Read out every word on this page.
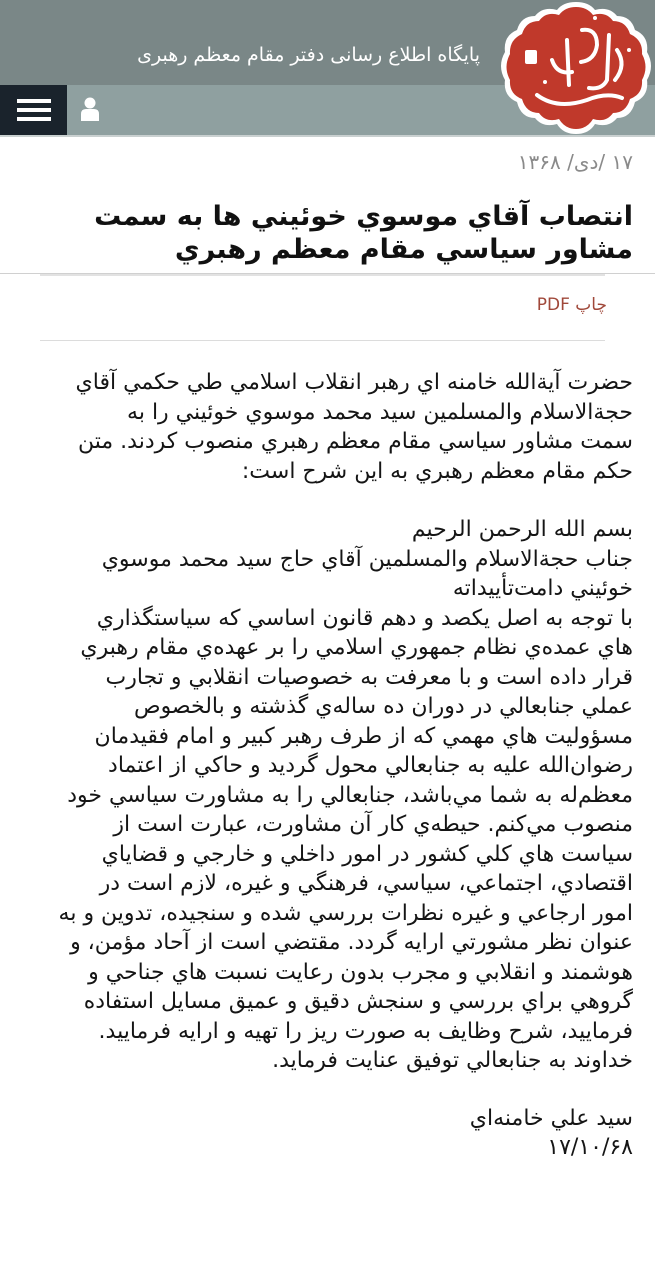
پایگاه اطلاع رسانی دفتر مقام معظم رهبری
۱۷ /دی/ ۱۳۶۸
انتصاب آقاي موسوي خوئيني ها به سمت مشاور سياسي مقام معظم رهبري
چاپ PDF
حضرت آيةالله خامنه اي رهبر انقلاب اسلامي طي حكمي آقاي
حجةالاسلام والمسلمين سيد محمد موسوي خوئيني را به
سمت مشاور سياسي مقام معظم رهبري منصوب كردند. متن
حكم مقام معظم رهبري به اين شرح است:
بسم الله الرحمن الرحيم
جناب حجةالاسلام والمسلمين آقاي حاج سيد محمد موسوي
خوئيني دامت‌تأييداته
با توجه به اصل يكصد و دهم قانون اساسي كه سياستگذاري
هاي عمده‌ي نظام جمهوري اسلامي را بر عهده‌ي مقام رهبري
قرار داده است و با معرفت به خصوصيات انقلابي و تجارب
عملي جنابعالي در دوران ده ساله‌ي گذشته و بالخصوص
مسؤوليت هاي مهمي كه از طرف رهبر كبير و امام فقيدمان
رضوان‌الله عليه به جنابعالي محول گرديد و حاكي از اعتماد
معظم‌له به شما مي‌باشد، جنابعالي را به مشاورت سياسي خود
منصوب مي‌كنم. حيطه‌ي كار آن مشاورت، عبارت است از
سياست هاي كلي كشور در امور داخلي و خارجي و قضاياي
اقتصادي، اجتماعي، سياسي، فرهنگي و غيره، لازم است در
امور ارجاعي و غيره نظرات بررسي شده و سنجيده، تدوين و به
عنوان نظر مشورتي ارايه گردد. مقتضي است از آحاد مؤمن، و
هوشمند و انقلابي و مجرب بدون رعايت نسبت هاي جناحي و
گروهي براي بررسي و سنجش دقيق و عميق مسايل استفاده
فرماييد، شرح وظايف به صورت ريز را تهيه و ارايه فرماييد.
خداوند به جنابعالي توفيق عنايت فرمايد.
سيد علي خامنه‌اي
۱۷/۱۰/۶۸
